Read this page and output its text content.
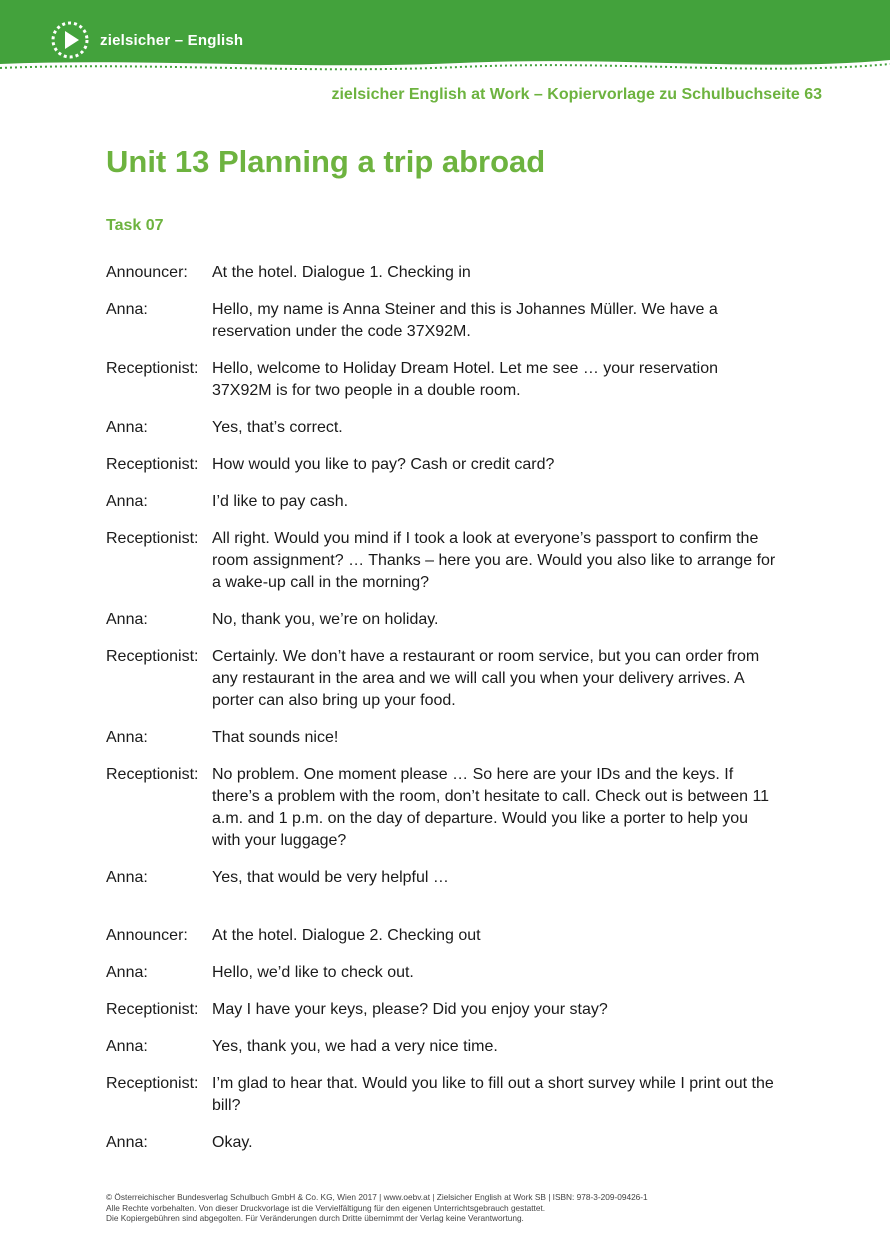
zielsicher – English
zielsicher English at Work – Kopiervorlage zu Schulbuchseite 63
Unit 13 Planning a trip abroad
Task 07
Announcer:	At the hotel. Dialogue 1. Checking in
Anna:	Hello, my name is Anna Steiner and this is Johannes Müller. We have a reservation under the code 37X92M.
Receptionist: Hello, welcome to Holiday Dream Hotel. Let me see … your reservation 37X92M is for two people in a double room.
Anna:	Yes, that’s correct.
Receptionist: How would you like to pay? Cash or credit card?
Anna:	I’d like to pay cash.
Receptionist: All right. Would you mind if I took a look at everyone’s passport to confirm the room assignment? … Thanks – here you are. Would you also like to arrange for a wake-up call in the morning?
Anna:	No, thank you, we’re on holiday.
Receptionist: Certainly. We don’t have a restaurant or room service, but you can order from any restaurant in the area and we will call you when your delivery arrives. A porter can also bring up your food.
Anna:	That sounds nice!
Receptionist: No problem. One moment please … So here are your IDs and the keys. If there’s a problem with the room, don’t hesitate to call. Check out is between 11 a.m. and 1 p.m. on the day of departure. Would you like a porter to help you with your luggage?
Anna:	Yes, that would be very helpful …
Announcer:	At the hotel. Dialogue 2. Checking out
Anna:	Hello, we’d like to check out.
Receptionist: May I have your keys, please? Did you enjoy your stay?
Anna:	Yes, thank you, we had a very nice time.
Receptionist: I’m glad to hear that. Would you like to fill out a short survey while I print out the bill?
Anna:	Okay.
© Österreichischer Bundesverlag Schulbuch GmbH & Co. KG, Wien 2017 | www.oebv.at | Zielsicher English at Work SB | ISBN: 978-3-209-09426-1
Alle Rechte vorbehalten. Von dieser Druckvorlage ist die Vervielfältigung für den eigenen Unterrichtsgebrauch gestattet.
Die Kopiergebühren sind abgegolten. Für Veränderungen durch Dritte übernimmt der Verlag keine Verantwortung.
